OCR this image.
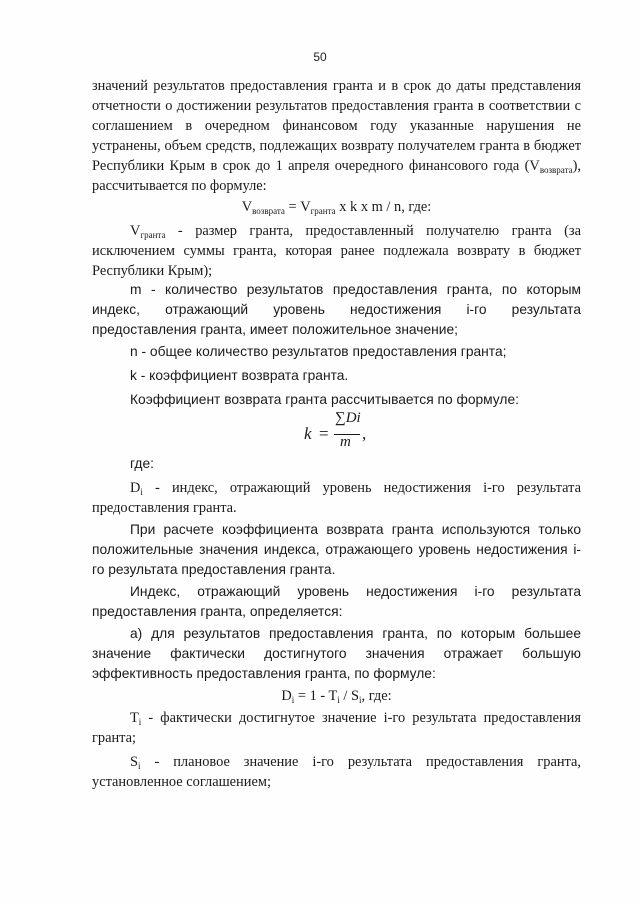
50

значений результатов предоставления гранта и в срок до даты представления отчетности о достижении результатов предоставления гранта в соответствии с соглашением в очередном финансовом году указанные нарушения не устранены, объем средств, подлежащих возврату получателем гранта в бюджет Республики Крым в срок до 1 апреля очередного финансового года $(V_{возврата})$, рассчитывается по формуле:

$V_{возврата} = V_{гранта}$ x k x m / n, где:

$V_{гранта}$ - размер гранта, предоставленный получателю гранта (за исключением суммы гранта, которая ранее подлежала возврату в бюджет Республики Крым);

m - количество результатов предоставления гранта, по которым индекс, отражающий уровень недостижения i-го результата предоставления гранта, имеет положительное значение;

n - общее количество результатов предоставления гранта;

k - коэффициент возврата гранта.

Коэффициент возврата гранта рассчитывается по формуле:

k =
∑Di
m ,

где:

$D_i$ - индекс, отражающий уровень недостижения i-го результата предоставления гранта.

При расчете коэффициента возврата гранта используются только положительные значения индекса, отражающего уровень недостижения i-го результата предоставления гранта.

Индекс, отражающий уровень недостижения i-го результата предоставления гранта, определяется:

а) для результатов предоставления гранта, по которым большее значение фактически достигнутого значения отражает большую эффективность предоставления гранта, по формуле:

$D_i = 1 - T_i / S_i$, где:

$T_i$ - фактически достигнутое значение i-го результата предоставления гранта;

$S_i$ - плановое значение i-го результата предоставления гранта, установленное соглашением;
